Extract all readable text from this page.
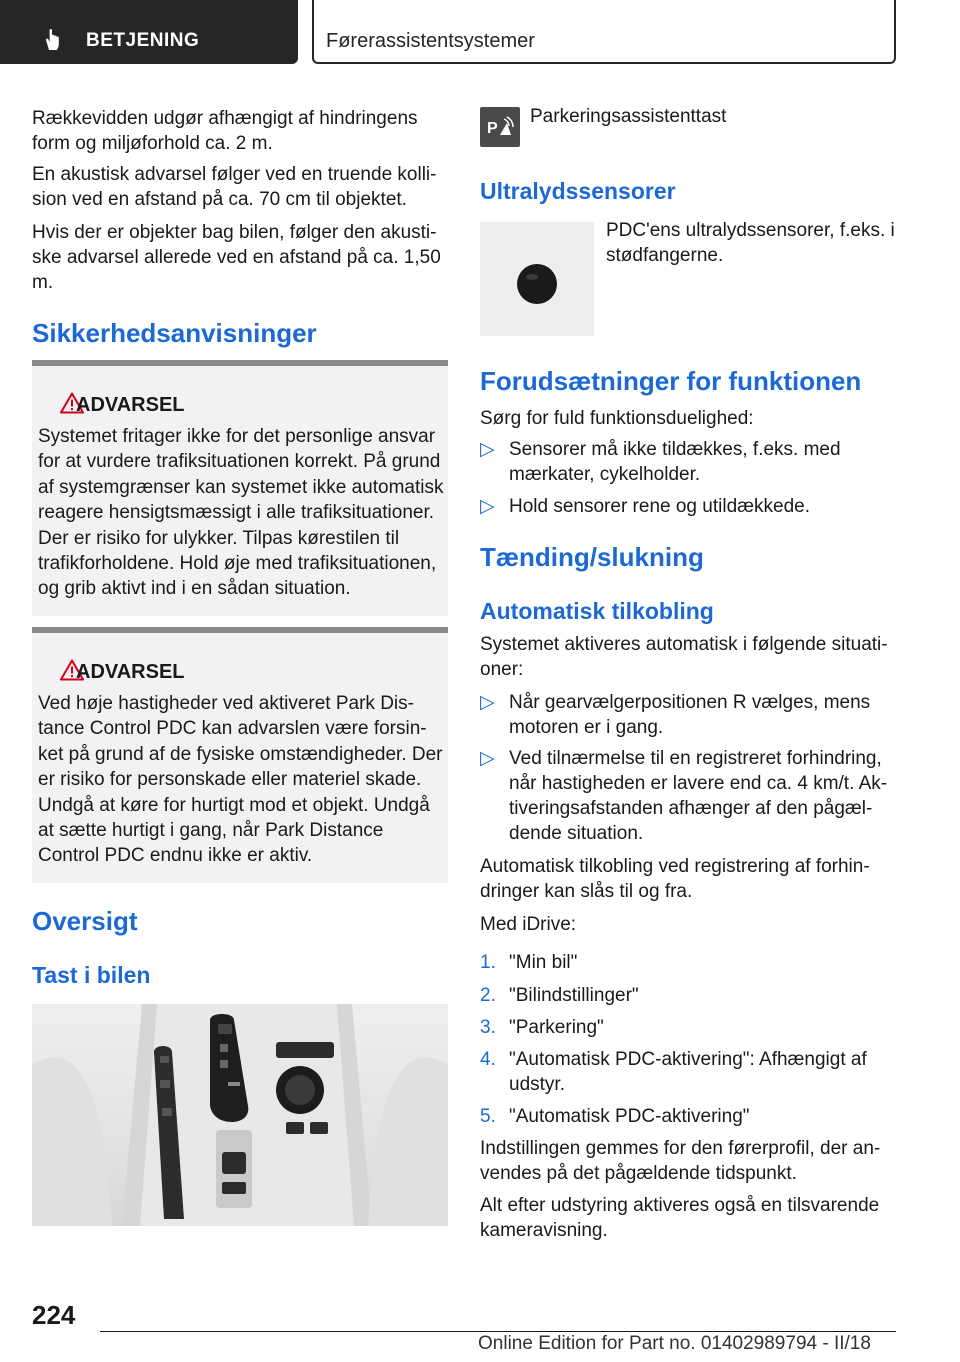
BETJENING	Førerassistentsystemer

Rækkevidden udgør afhængigt af hindringens form og miljøforhold ca. 2 m.

En akustisk advarsel følger ved en truende kollision ved en afstand på ca. 70 cm til objektet.

Hvis der er objekter bag bilen, følger den akustiske advarsel allerede ved en afstand på ca. 1,50 m.

Sikkerhedsanvisninger
ADVARSEL

Systemet fritager ikke for det personlige ansvar for at vurdere trafiksituationen korrekt. På grund af systemgrænser kan systemet ikke automatisk reagere hensigtsmæssigt i alle trafiksituationer. Der er risiko for ulykker. Tilpas kørestilen til trafikforholdene. Hold øje med trafiksituationen, og grib aktivt ind i en sådan situation.

ADVARSEL

Ved høje hastigheder ved aktiveret Park Distance Control PDC kan advarslen være forsinket på grund af de fysiske omstændigheder. Der er risiko for personskade eller materiel skade. Undgå at køre for hurtigt mod et objekt. Undgå at sætte hurtigt i gang, når Park Distance Control PDC endnu ikke er aktiv.

Oversigt
Tast i bilen
P
Parkeringsassistenttast
Ultralydssensorer

PDC'ens ultralydssensorer, f.eks. i stødfangerne.

Forudsætninger for funktionen

Sørg for fuld funktionsduelighed:

▷ Sensorer må ikke tildækkes, f.eks. med mærkater, cykelholder.
▷ Hold sensorer rene og utildækkede.
Tænding/slukning
Automatisk tilkobling

Systemet aktiveres automatisk i følgende situationer:

▷ Når gearvælgerpositionen R vælges, mens motoren er i gang.
▷ Ved tilnærmelse til en registreret forhindring, når hastigheden er lavere end ca. 4 km/t. Aktiveringsafstanden afhænger af den pågældende situation.

Automatisk tilkobling ved registrering af forhindringer kan slås til og fra.

Med iDrive:

1. "Min bil"
2. "Bilindstillinger"
3. "Parkering"
4. "Automatisk PDC-aktivering": Afhængigt af udstyr.
5. "Automatisk PDC-aktivering"

Indstillingen gemmes for den førerprofil, der anvendes på det pågældende tidspunkt.

Alt efter udstyring aktiveres også en tilsvarende kameravisning.

224
Online Edition for Part no. 01402989794 - II/18
